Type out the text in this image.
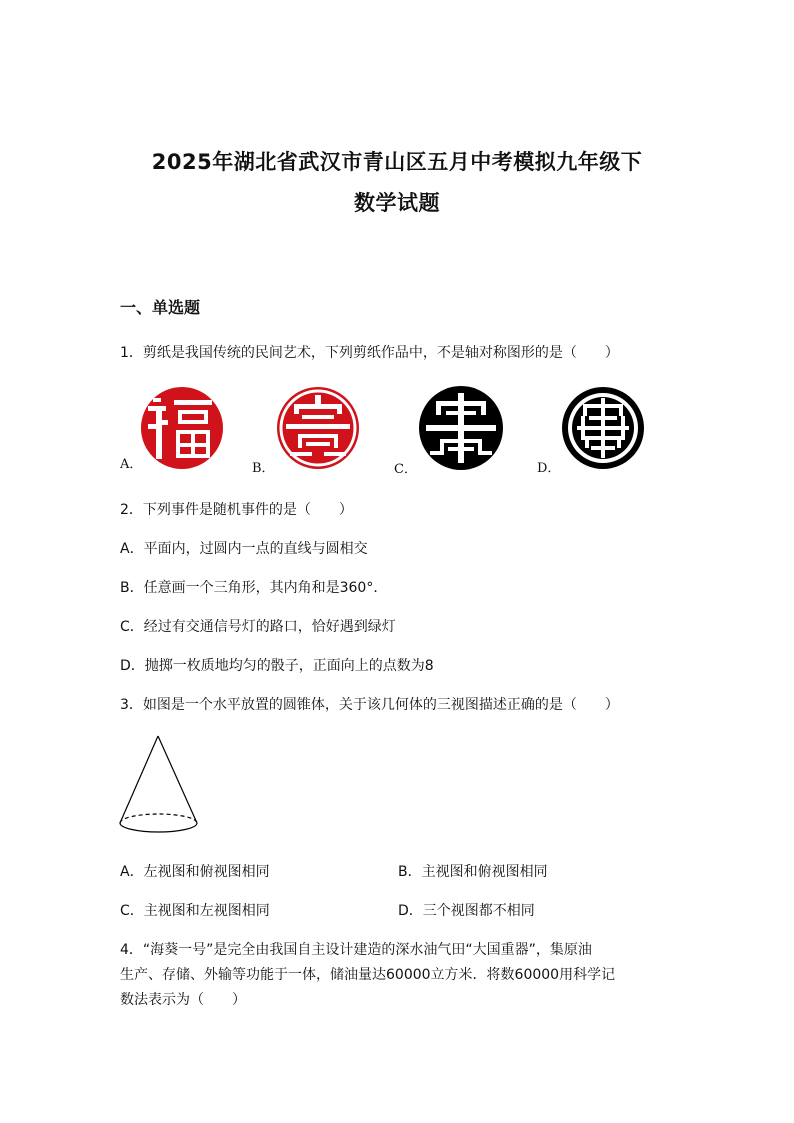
2025年湖北省武汉市青山区五月中考模拟九年级下
数学试题
一、单选题
1．剪纸是我国传统的民间艺术，下列剪纸作品中，不是轴对称图形的是（　　）
A．	B．	C．	D．
2．下列事件是随机事件的是（　　）
A．平面内，过圆内一点的直线与圆相交
B．任意画一个三角形，其内角和是360°．
C．经过有交通信号灯的路口，恰好遇到绿灯
D．抛掷一枚质地均匀的骰子，正面向上的点数为8
3．如图是一个水平放置的圆锥体，关于该几何体的三视图描述正确的是（　　）
A．左视图和俯视图相同	B．主视图和俯视图相同
C．主视图和左视图相同	D．三个视图都不相同
4．“海葵一号”是完全由我国自主设计建造的深水油气田“大国重器”，集原油
生产、存储、外输等功能于一体，储油量达60000立方米．将数60000用科学记
数法表示为（　　）
